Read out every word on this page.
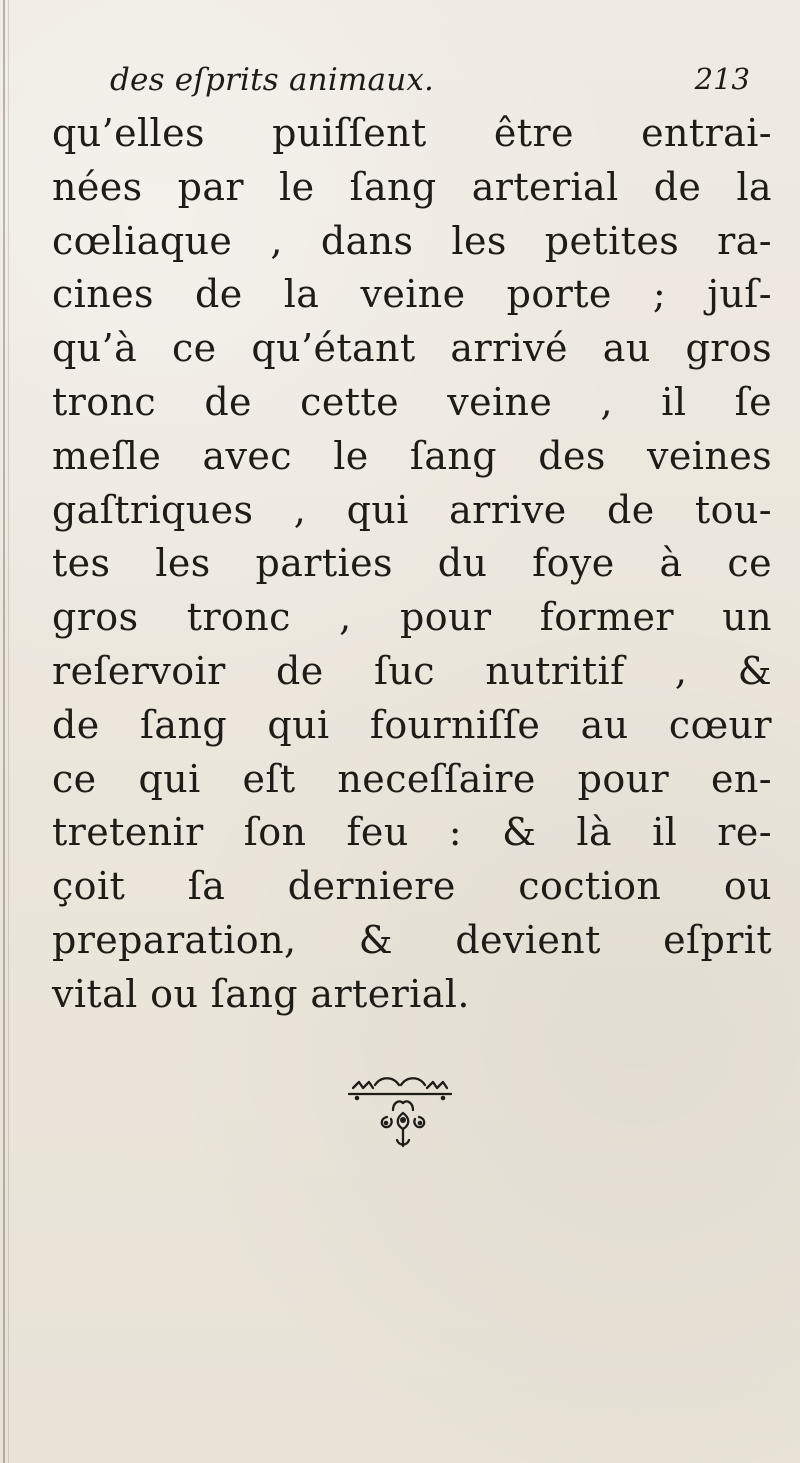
des eſprits animaux.	213
qu’elles puiſſent être entrai-
nées par le ſang arterial de la
cœliaque , dans les petites ra-
cines de la veine porte ; juſ-
qu’à ce qu’étant arrivé au gros
tronc de cette veine , il ſe
meſle avec le ſang des veines
gaſtriques , qui arrive de tou-
tes les parties du foye à ce
gros tronc , pour former un
reſervoir de ſuc nutritif , &
de ſang qui fourniſſe au cœur
ce qui eſt neceſſaire pour en-
tretenir ſon feu : & là il re-
çoit ſa derniere coction ou
preparation, & devient eſprit
vital ou ſang arterial.
